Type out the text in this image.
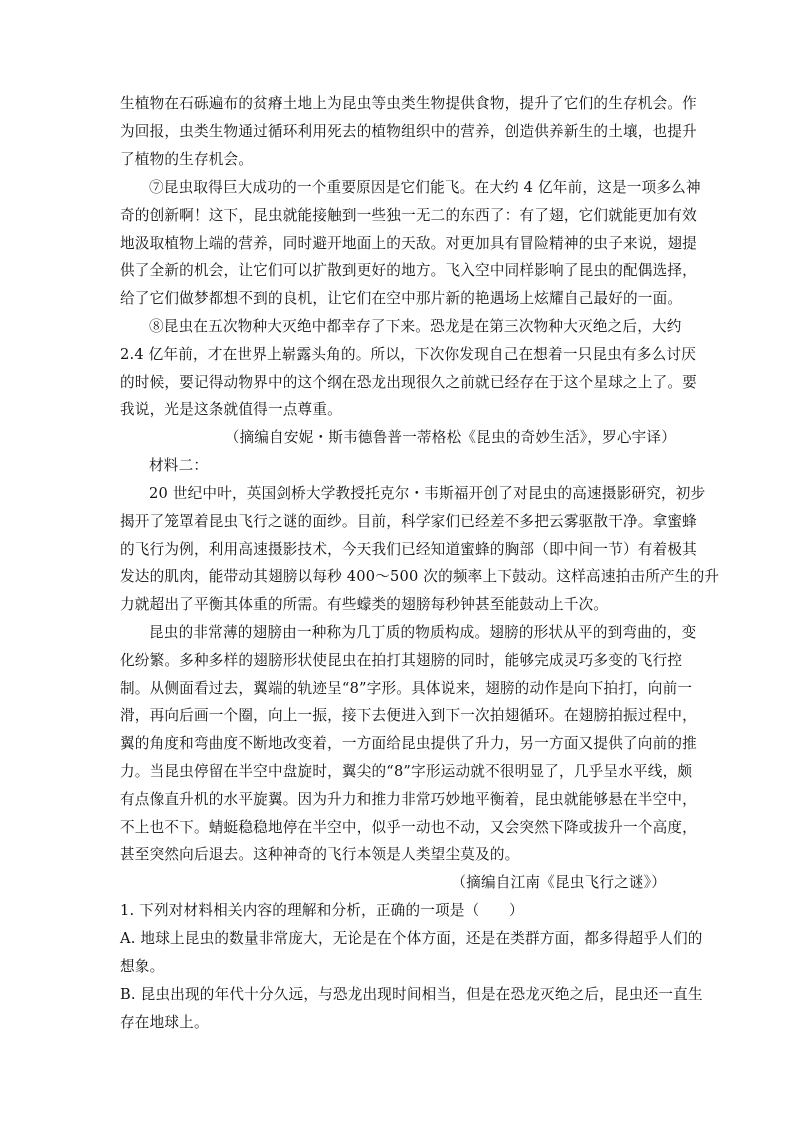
生植物在石砾遍布的贫瘠土地上为昆虫等虫类生物提供食物，提升了它们的生存机会。作
为回报，虫类生物通过循环利用死去的植物组织中的营养，创造供养新生的土壤，也提升
了植物的生存机会。
⑦昆虫取得巨大成功的一个重要原因是它们能飞。在大约 4 亿年前，这是一项多么神
奇的创新啊！这下，昆虫就能接触到一些独一无二的东西了：有了翅，它们就能更加有效
地汲取植物上端的营养，同时避开地面上的天敌。对更加具有冒险精神的虫子来说，翅提
供了全新的机会，让它们可以扩散到更好的地方。飞入空中同样影响了昆虫的配偶选择，
给了它们做梦都想不到的良机，让它们在空中那片新的艳遇场上炫耀自己最好的一面。
⑧昆虫在五次物种大灭绝中都幸存了下来。恐龙是在第三次物种大灭绝之后，大约
2.4 亿年前，才在世界上崭露头角的。所以，下次你发现自己在想着一只昆虫有多么讨厌
的时候，要记得动物界中的这个纲在恐龙出现很久之前就已经存在于这个星球之上了。要
我说，光是这条就值得一点尊重。
（摘编自安妮・斯韦德鲁普一蒂格松《昆虫的奇妙生活》，罗心宇译）
材料二：
20 世纪中叶，英国剑桥大学教授托克尔・韦斯福开创了对昆虫的高速摄影研究，初步
揭开了笼罩着昆虫飞行之谜的面纱。目前，科学家们已经差不多把云雾驱散干净。拿蜜蜂
的飞行为例，利用高速摄影技术，今天我们已经知道蜜蜂的胸部（即中间一节）有着极其
发达的肌肉，能带动其翅膀以每秒 400～500 次的频率上下鼓动。这样高速拍击所产生的升
力就超出了平衡其体重的所需。有些蠓类的翅膀每秒钟甚至能鼓动上千次。
昆虫的非常薄的翅膀由一种称为几丁质的物质构成。翅膀的形状从平的到弯曲的，变
化纷繁。多种多样的翅膀形状使昆虫在拍打其翅膀的同时，能够完成灵巧多变的飞行控
制。从侧面看过去，翼端的轨迹呈“8”字形。具体说来，翅膀的动作是向下拍打，向前一
滑，再向后画一个圈，向上一振，接下去便进入到下一次拍翅循环。在翅膀拍振过程中，
翼的角度和弯曲度不断地改变着，一方面给昆虫提供了升力，另一方面又提供了向前的推
力。当昆虫停留在半空中盘旋时，翼尖的“8”字形运动就不很明显了，几乎呈水平线，颇
有点像直升机的水平旋翼。因为升力和推力非常巧妙地平衡着，昆虫就能够悬在半空中，
不上也不下。蜻蜓稳稳地停在半空中，似乎一动也不动，又会突然下降或拔升一个高度，
甚至突然向后退去。这种神奇的飞行本领是人类望尘莫及的。
（摘编自江南《昆虫飞行之谜》）
1. 下列对材料相关内容的理解和分析，正确的一项是（　　）
A. 地球上昆虫的数量非常庞大，无论是在个体方面，还是在类群方面，都多得超乎人们的
想象。
B. 昆虫出现的年代十分久远，与恐龙出现时间相当，但是在恐龙灭绝之后，昆虫还一直生
存在地球上。
